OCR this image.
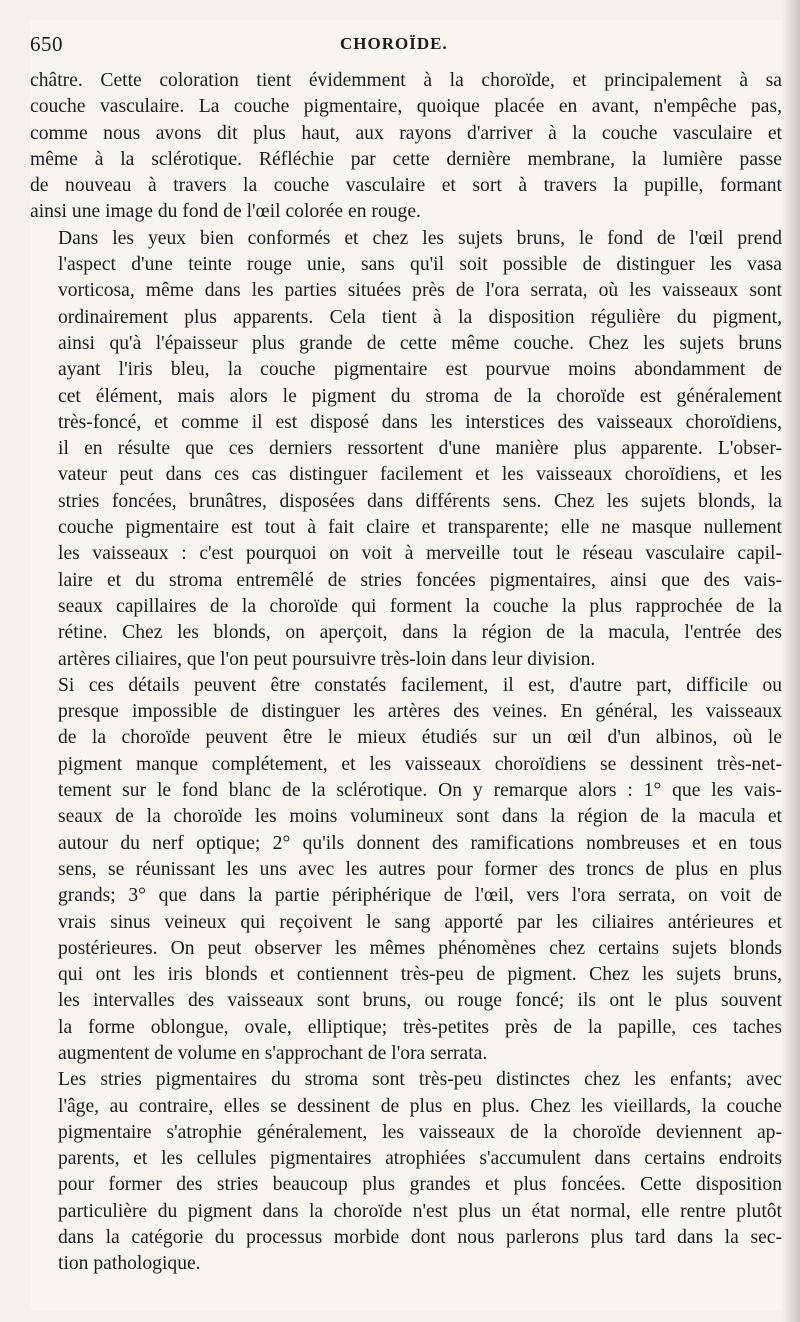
650	CHOROÏDE.

châtre. Cette coloration tient évidemment à la choroïde, et principalement à sa
couche vasculaire. La couche pigmentaire, quoique placée en avant, n'empêche pas,
comme nous avons dit plus haut, aux rayons d'arriver à la couche vasculaire et
même à la sclérotique. Réfléchie par cette dernière membrane, la lumière passe
de nouveau à travers la couche vasculaire et sort à travers la pupille, formant
ainsi une image du fond de l'œil colorée en rouge.

Dans les yeux bien conformés et chez les sujets bruns, le fond de l'œil prend
l'aspect d'une teinte rouge unie, sans qu'il soit possible de distinguer les vasa
vorticosa, même dans les parties situées près de l'ora serrata, où les vaisseaux sont
ordinairement plus apparents. Cela tient à la disposition régulière du pigment,
ainsi qu'à l'épaisseur plus grande de cette même couche. Chez les sujets bruns
ayant l'iris bleu, la couche pigmentaire est pourvue moins abondamment de
cet élément, mais alors le pigment du stroma de la choroïde est généralement
très-foncé, et comme il est disposé dans les interstices des vaisseaux choroïdiens,
il en résulte que ces derniers ressortent d'une manière plus apparente. L'obser-
vateur peut dans ces cas distinguer facilement et les vaisseaux choroïdiens, et les
stries foncées, brunâtres, disposées dans différents sens. Chez les sujets blonds, la
couche pigmentaire est tout à fait claire et transparente; elle ne masque nullement
les vaisseaux : c'est pourquoi on voit à merveille tout le réseau vasculaire capil-
laire et du stroma entremêlé de stries foncées pigmentaires, ainsi que des vais-
seaux capillaires de la choroïde qui forment la couche la plus rapprochée de la
rétine. Chez les blonds, on aperçoit, dans la région de la macula, l'entrée des
artères ciliaires, que l'on peut poursuivre très-loin dans leur division.

Si ces détails peuvent être constatés facilement, il est, d'autre part, difficile ou
presque impossible de distinguer les artères des veines. En général, les vaisseaux
de la choroïde peuvent être le mieux étudiés sur un œil d'un albinos, où le
pigment manque complétement, et les vaisseaux choroïdiens se dessinent très-net-
tement sur le fond blanc de la sclérotique. On y remarque alors : 1° que les vais-
seaux de la choroïde les moins volumineux sont dans la région de la macula et
autour du nerf optique; 2° qu'ils donnent des ramifications nombreuses et en tous
sens, se réunissant les uns avec les autres pour former des troncs de plus en plus
grands; 3° que dans la partie périphérique de l'œil, vers l'ora serrata, on voit de
vrais sinus veineux qui reçoivent le sang apporté par les ciliaires antérieures et
postérieures. On peut observer les mêmes phénomènes chez certains sujets blonds
qui ont les iris blonds et contiennent très-peu de pigment. Chez les sujets bruns,
les intervalles des vaisseaux sont bruns, ou rouge foncé; ils ont le plus souvent
la forme oblongue, ovale, elliptique; très-petites près de la papille, ces taches
augmentent de volume en s'approchant de l'ora serrata.

Les stries pigmentaires du stroma sont très-peu distinctes chez les enfants; avec
l'âge, au contraire, elles se dessinent de plus en plus. Chez les vieillards, la couche
pigmentaire s'atrophie généralement, les vaisseaux de la choroïde deviennent ap-
parents, et les cellules pigmentaires atrophiées s'accumulent dans certains endroits
pour former des stries beaucoup plus grandes et plus foncées. Cette disposition
particulière du pigment dans la choroïde n'est plus un état normal, elle rentre plutôt
dans la catégorie du processus morbide dont nous parlerons plus tard dans la sec-
tion pathologique.
